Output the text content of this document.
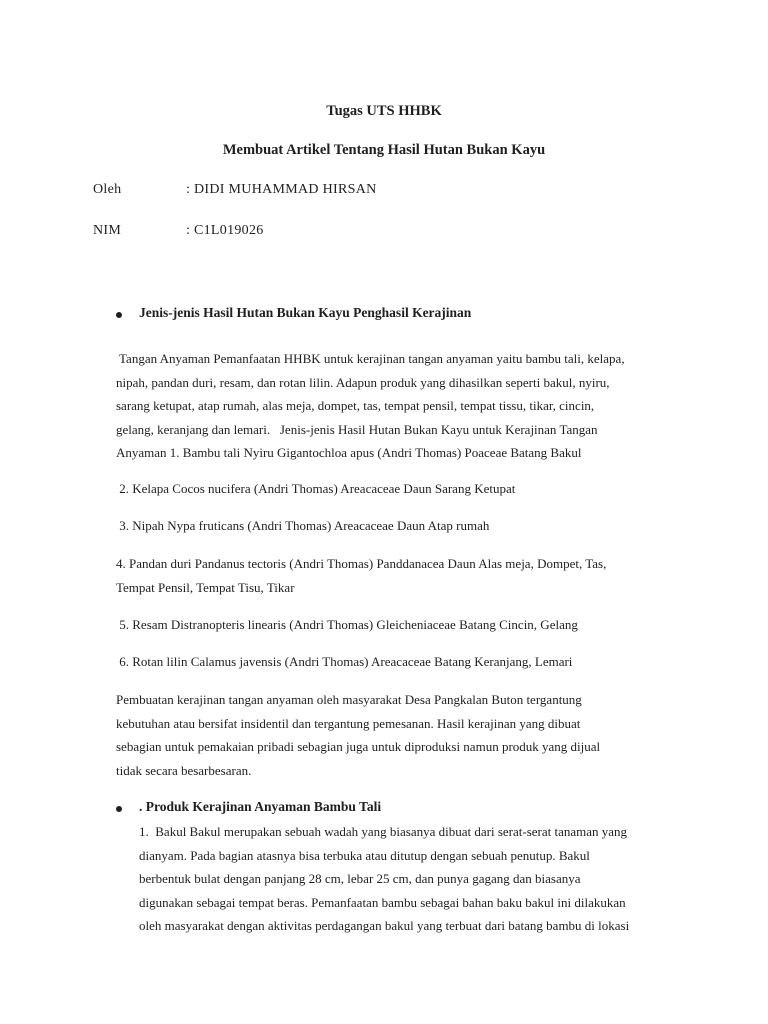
Tugas UTS HHBK

Membuat Artikel Tentang Hasil Hutan Bukan Kayu

Oleh	: DIDI MUHAMMAD HIRSAN
NIM	: C1L019026

Jenis-jenis Hasil Hutan Bukan Kayu Penghasil Kerajinan

Tangan Anyaman Pemanfaatan HHBK untuk kerajinan tangan anyaman yaitu bambu tali, kelapa,
nipah, pandan duri, resam, dan rotan lilin. Adapun produk yang dihasilkan seperti bakul, nyiru,
sarang ketupat, atap rumah, alas meja, dompet, tas, tempat pensil, tempat tissu, tikar, cincin,
gelang, keranjang dan lemari.   Jenis-jenis Hasil Hutan Bukan Kayu untuk Kerajinan Tangan
Anyaman 1. Bambu tali Nyiru Gigantochloa apus (Andri Thomas) Poaceae Batang Bakul

2. Kelapa Cocos nucifera (Andri Thomas) Areacaceae Daun Sarang Ketupat

3. Nipah Nypa fruticans (Andri Thomas) Areacaceae Daun Atap rumah

4. Pandan duri Pandanus tectoris (Andri Thomas) Panddanacea Daun Alas meja, Dompet, Tas,
Tempat Pensil, Tempat Tisu, Tikar

5. Resam Distranopteris linearis (Andri Thomas) Gleicheniaceae Batang Cincin, Gelang

6. Rotan lilin Calamus javensis (Andri Thomas) Areacaceae Batang Keranjang, Lemari

Pembuatan kerajinan tangan anyaman oleh masyarakat Desa Pangkalan Buton tergantung
kebutuhan atau bersifat insidentil dan tergantung pemesanan. Hasil kerajinan yang dibuat
sebagian untuk pemakaian pribadi sebagian juga untuk diproduksi namun produk yang dijual
tidak secara besarbesaran.

. Produk Kerajinan Anyaman Bambu Tali

1.  Bakul Bakul merupakan sebuah wadah yang biasanya dibuat dari serat-serat tanaman yang
dianyam. Pada bagian atasnya bisa terbuka atau ditutup dengan sebuah penutup. Bakul
berbentuk bulat dengan panjang 28 cm, lebar 25 cm, dan punya gagang dan biasanya
digunakan sebagai tempat beras. Pemanfaatan bambu sebagai bahan baku bakul ini dilakukan
oleh masyarakat dengan aktivitas perdagangan bakul yang terbuat dari batang bambu di lokasi
